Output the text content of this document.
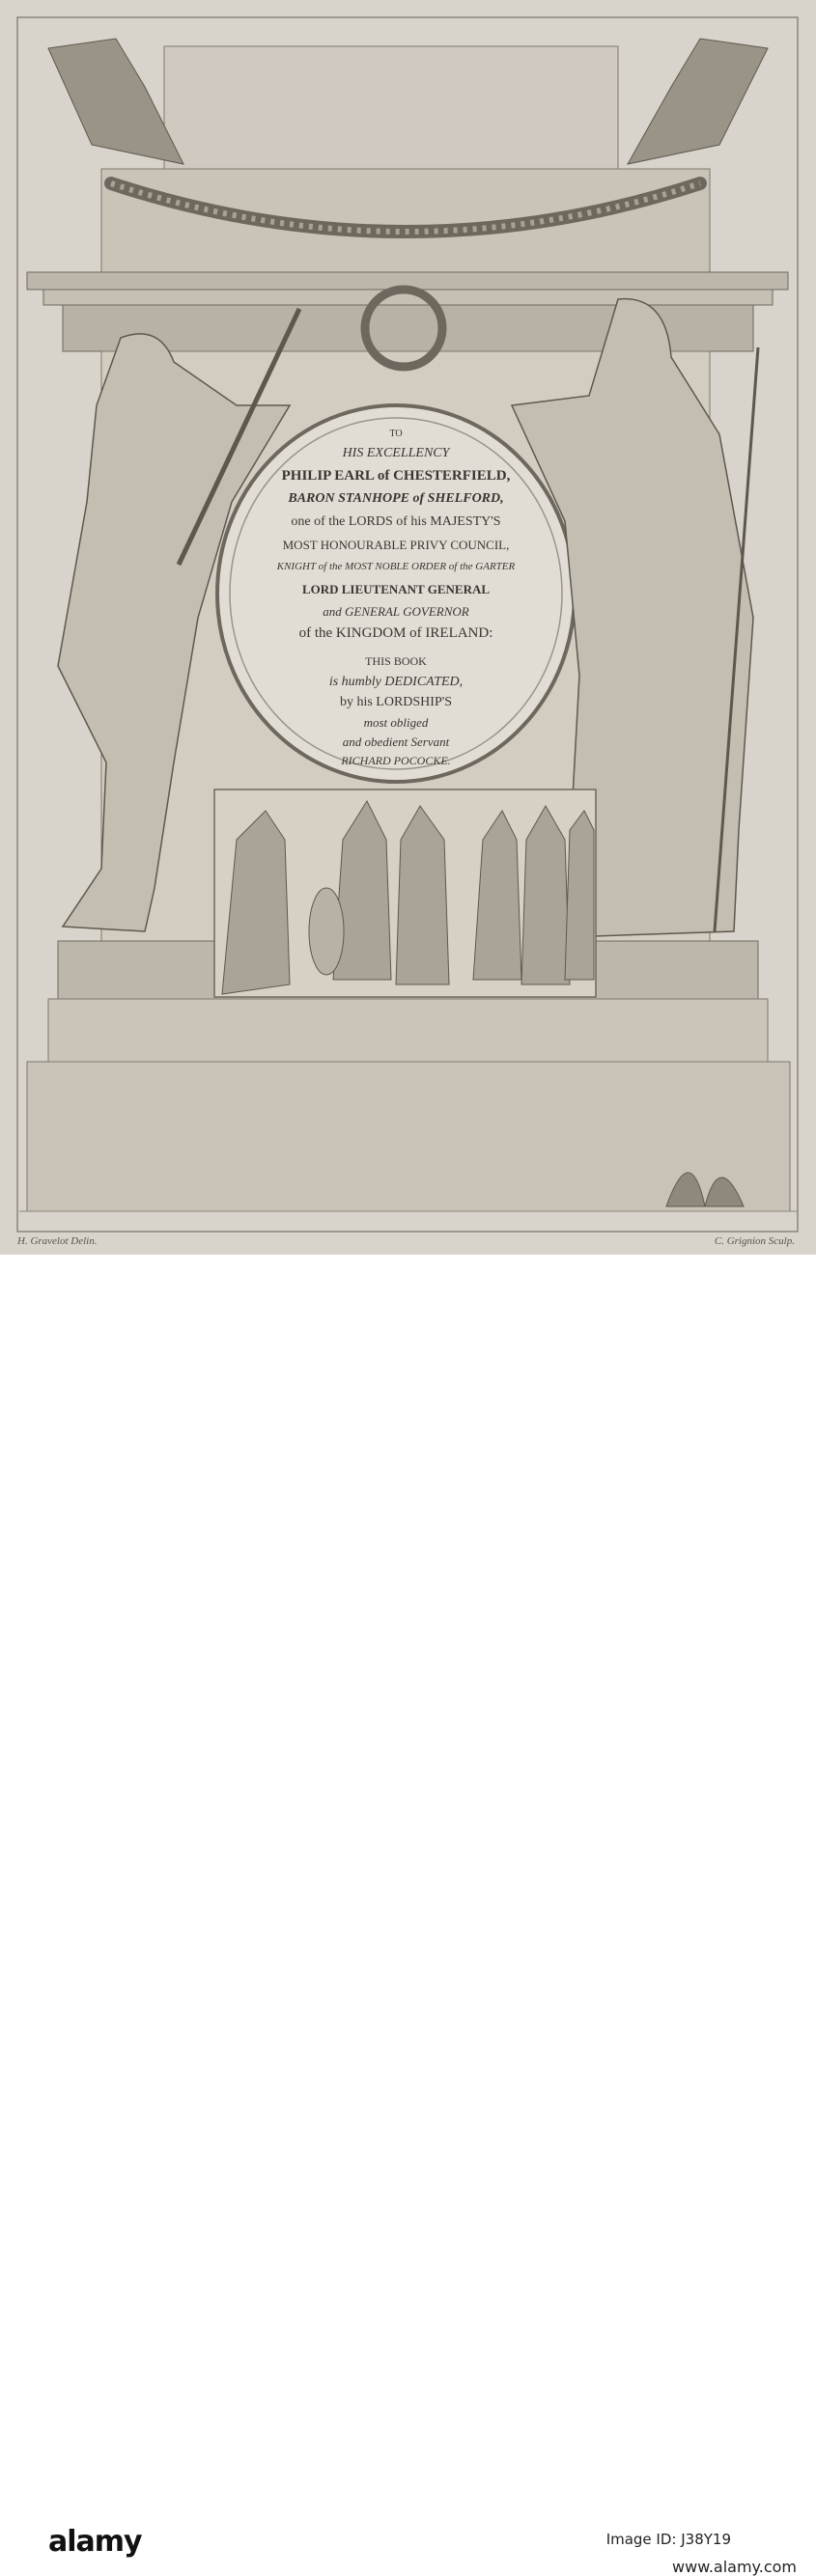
TO
HIS EXCELLENCY
PHILIP EARL of CHESTERFIELD,
BARON STANHOPE of SHELFORD,
one of the LORDS of his MAJESTY'S
MOST HONOURABLE PRIVY COUNCIL,
KNIGHT of the MOST NOBLE ORDER of the GARTER
LORD LIEUTENANT GENERAL
and GENERAL GOVERNOR
of the KINGDOM of IRELAND:
THIS BOOK
is humbly DEDICATED,
by his LORDSHIP'S
most obliged
and obedient Servant
RICHARD POCOCKE.
H. Gravelot Delin.	C. Grignion Sculp.
alamy	Image ID: J38Y19
www.alamy.com
